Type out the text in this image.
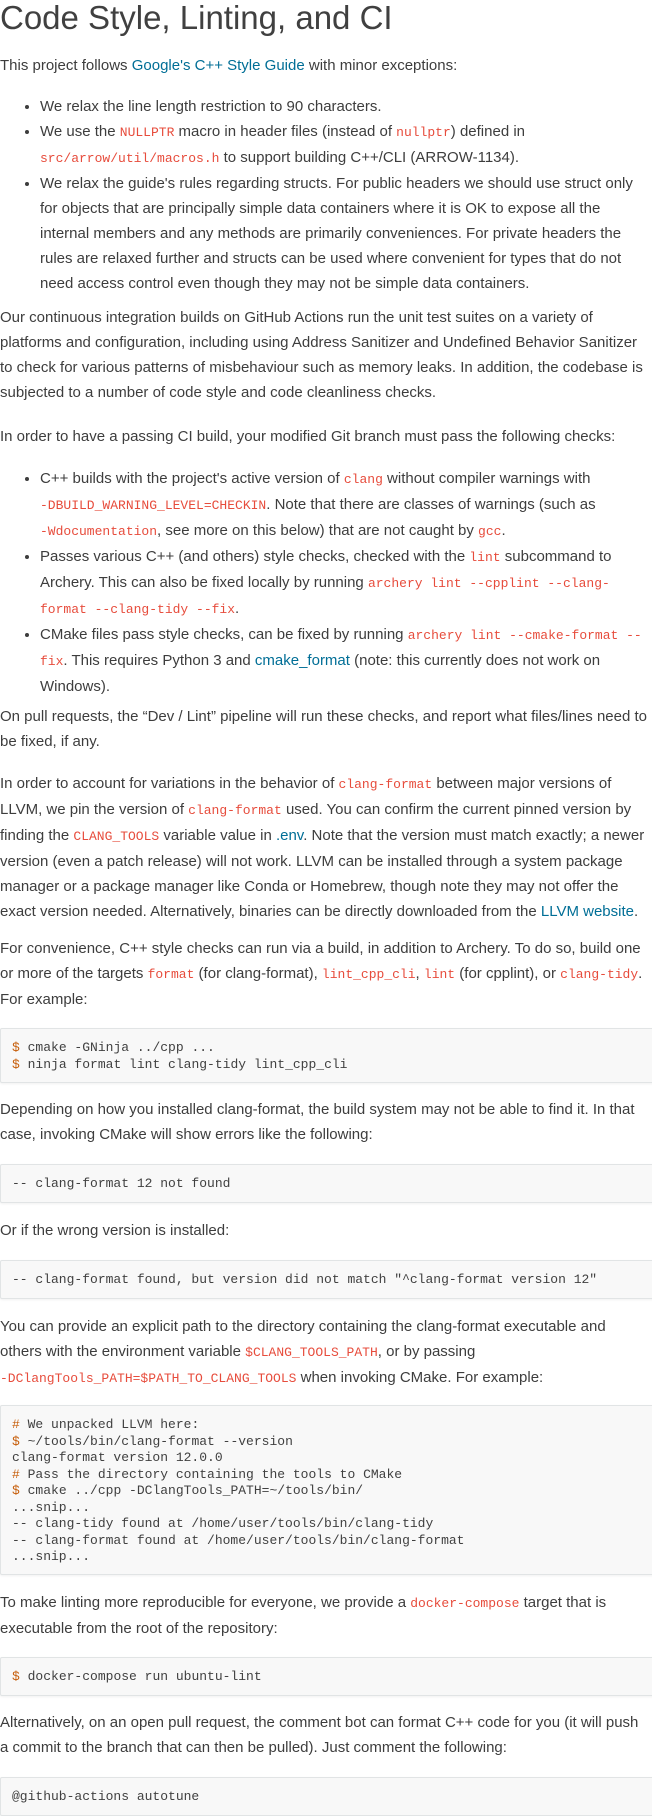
Code Style, Linting, and CI

This project follows Google's C++ Style Guide with minor exceptions:

• We relax the line length restriction to 90 characters.
• We use the NULLPTR macro in header files (instead of nullptr) defined in src/arrow/util/macros.h to support building C++/CLI (ARROW-1134).
• We relax the guide's rules regarding structs. For public headers we should use struct only for objects that are principally simple data containers where it is OK to expose all the internal members and any methods are primarily conveniences. For private headers the rules are relaxed further and structs can be used where convenient for types that do not need access control even though they may not be simple data containers.

Our continuous integration builds on GitHub Actions run the unit test suites on a variety of platforms and configuration, including using Address Sanitizer and Undefined Behavior Sanitizer to check for various patterns of misbehaviour such as memory leaks. In addition, the codebase is subjected to a number of code style and code cleanliness checks.

In order to have a passing CI build, your modified Git branch must pass the following checks:

• C++ builds with the project's active version of clang without compiler warnings with -DBUILD_WARNING_LEVEL=CHECKIN. Note that there are classes of warnings (such as -Wdocumentation, see more on this below) that are not caught by gcc.
• Passes various C++ (and others) style checks, checked with the lint subcommand to Archery. This can also be fixed locally by running archery lint --cpplint --clang-format --clang-tidy --fix.
• CMake files pass style checks, can be fixed by running archery lint --cmake-format --fix. This requires Python 3 and cmake_format (note: this currently does not work on Windows).

On pull requests, the “Dev / Lint” pipeline will run these checks, and report what files/lines need to be fixed, if any.

In order to account for variations in the behavior of clang-format between major versions of LLVM, we pin the version of clang-format used. You can confirm the current pinned version by finding the CLANG_TOOLS variable value in .env. Note that the version must match exactly; a newer version (even a patch release) will not work. LLVM can be installed through a system package manager or a package manager like Conda or Homebrew, though note they may not offer the exact version needed. Alternatively, binaries can be directly downloaded from the LLVM website.

For convenience, C++ style checks can run via a build, in addition to Archery. To do so, build one or more of the targets format (for clang-format), lint_cpp_cli, lint (for cpplint), or clang-tidy. For example:

$ cmake -GNinja ../cpp ...
$ ninja format lint clang-tidy lint_cpp_cli

Depending on how you installed clang-format, the build system may not be able to find it. In that case, invoking CMake will show errors like the following:

-- clang-format 12 not found

Or if the wrong version is installed:

-- clang-format found, but version did not match "^clang-format version 12"

You can provide an explicit path to the directory containing the clang-format executable and others with the environment variable $CLANG_TOOLS_PATH, or by passing -DClangTools_PATH=$PATH_TO_CLANG_TOOLS when invoking CMake. For example:

# We unpacked LLVM here:
$ ~/tools/bin/clang-format --version
clang-format version 12.0.0
# Pass the directory containing the tools to CMake
$ cmake ../cpp -DClangTools_PATH=~/tools/bin/
...snip...
-- clang-tidy found at /home/user/tools/bin/clang-tidy
-- clang-format found at /home/user/tools/bin/clang-format
...snip...

To make linting more reproducible for everyone, we provide a docker-compose target that is executable from the root of the repository:

$ docker-compose run ubuntu-lint

Alternatively, on an open pull request, the comment bot can format C++ code for you (it will push a commit to the branch that can then be pulled). Just comment the following:

@github-actions autotune
